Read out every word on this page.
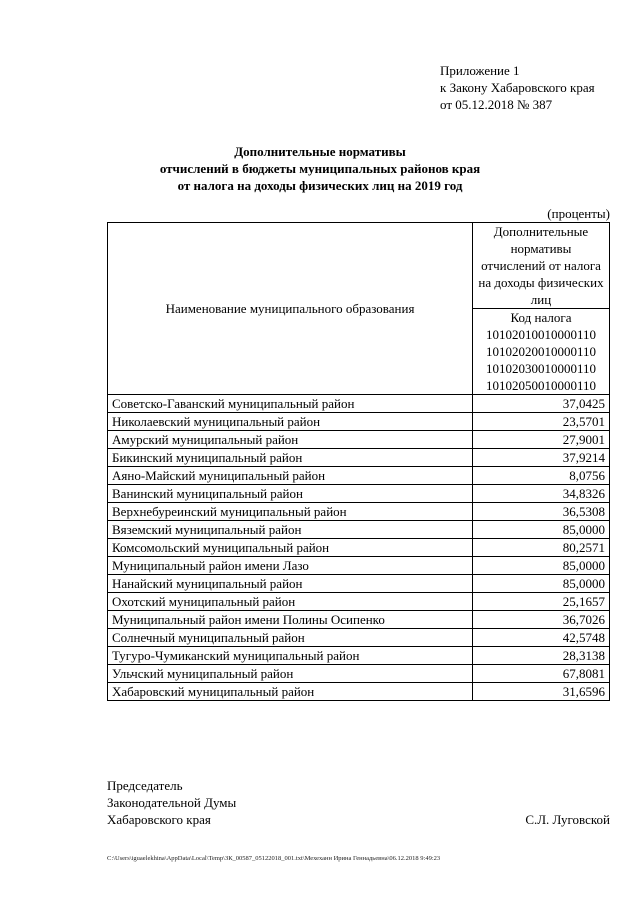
Приложение 1
к Закону Хабаровского края
от 05.12.2018 № 387
Дополнительные нормативы
отчислений в бюджеты муниципальных районов края
от налога на доходы физических лиц на 2019 год
(проценты)
Наименование муниципального образования	Дополнительные нормативы отчислений от налога на доходы физических лиц

	Код налога
10102010010000110
10102020010000110
10102030010000110
10102050010000110

Советско-Гаванский муниципальный район	37,0425
Николаевский муниципальный район	23,5701
Амурский муниципальный район	27,9001
Бикинский муниципальный район	37,9214
Аяно-Майский муниципальный район	8,0756
Ванинский муниципальный район	34,8326
Верхнебуреинский муниципальный район	36,5308
Вяземский муниципальный район	85,0000
Комсомольский муниципальный район	80,2571
Муниципальный район имени Лазо	85,0000
Нанайский муниципальный район	85,0000
Охотский муниципальный район	25,1657
Муниципальный район имени Полины Осипенко	36,7026
Солнечный муниципальный район	42,5748
Тугуро-Чумиканский муниципальный район	28,3138
Ульчский муниципальный район	67,8081
Хабаровский муниципальный район	31,6596
Председатель
Законодательной Думы
Хабаровского края	С.Л. Луговской
C:\Users\iguaelekhina\AppData\Local\Temp\ЗК_00587_05122018_001.txt\Мехеханн Ирина Геннадьевна\06.12.2018 9:49:23
